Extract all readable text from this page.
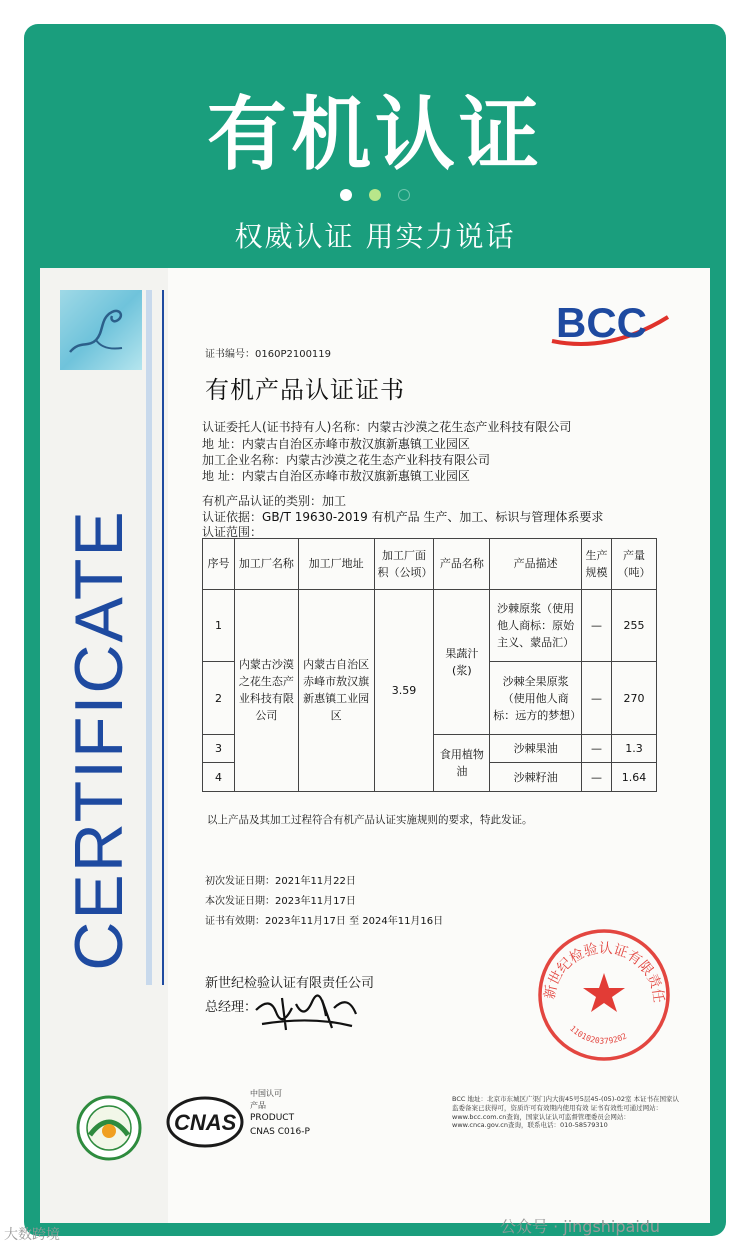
有机认证

权威认证 用实力说话
CERTIFICATE
BCC
证书编号：0160P2100119
有机产品认证证书
认证委托人(证书持有人)名称：内蒙古沙漠之花生态产业科技有限公司
地 址：内蒙古自治区赤峰市敖汉旗新惠镇工业园区
加工企业名称：内蒙古沙漠之花生态产业科技有限公司
地 址：内蒙古自治区赤峰市敖汉旗新惠镇工业园区
有机产品认证的类别：加工
认证依据：GB/T 19630-2019 有机产品 生产、加工、标识与管理体系要求
认证范围：
序号	加工厂名称	加工厂地址	加工厂面积（公顷）	产品名称	产品描述	生产规模	产量（吨）
1	内蒙古沙漠之花生态产业科技有限公司	内蒙古自治区赤峰市敖汉旗新惠镇工业园区	3.59	果蔬汁(浆)	沙棘原浆（使用他人商标：原始主义、蒙品汇）	—	255
2					沙棘全果原浆（使用他人商标：远方的梦想）	—	270
3				食用植物油	沙棘果油	—	1.3
4					沙棘籽油	—	1.64
以上产品及其加工过程符合有机产品认证实施规则的要求，特此发证。
初次发证日期：2021年11月22日
本次发证日期：2023年11月17日
证书有效期：2023年11月17日 至 2024年11月16日
新世纪检验认证有限责任公司
总经理：
新世纪检验认证有限责任
1101020379202
CNAS
中国认可
产品
PRODUCT
CNAS C016-P
BCC 地址：北京市东城区广渠门内大街45号5层45-(05)-02室 本证书在国家认监委备案已获得可，资质许可有效期内使用有效 证书有效性可通过网站：www.bcc.com.cn查询，国家认证认可监督管理委员会网站：www.cnca.gov.cn查询，联系电话：010-58579310
大数跨境	公众号 · jingshipaidu
